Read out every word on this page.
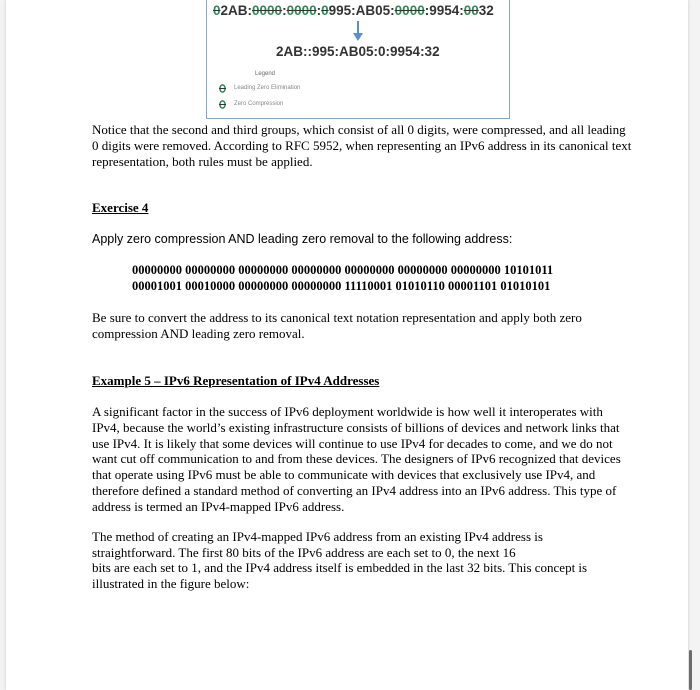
02AB:0000:0000:0995:AB05:0000:9954:0032
2AB::995:AB05:0:9954:32
Legend
Leading Zero Elimination
Zero Compression
Notice that the second and third groups, which consist of all 0 digits, were compressed, and all leading 0 digits were removed. According to RFC 5952, when representing an IPv6 address in its canonical text representation, both rules must be applied.
Exercise 4
Apply zero compression AND leading zero removal to the following address:
00000000 00000000 00000000 00000000 00000000 00000000 00000000 10101011
00001001 00010000 00000000 00000000 11110001 01010110 00001101 01010101
Be sure to convert the address to its canonical text notation representation and apply both zero compression AND leading zero removal.
Example 5 – IPv6 Representation of IPv4 Addresses
A significant factor in the success of IPv6 deployment worldwide is how well it interoperates with IPv4, because the world’s existing infrastructure consists of billions of devices and network links that use IPv4. It is likely that some devices will continue to use IPv4 for decades to come, and we do not want cut off communication to and from these devices. The designers of IPv6 recognized that devices that operate using IPv6 must be able to communicate with devices that exclusively use IPv4, and therefore defined a standard method of converting an IPv4 address into an IPv6 address. This type of address is termed an IPv4-mapped IPv6 address.
The method of creating an IPv4-mapped IPv6 address from an existing IPv4 address is
straightforward. The first 80 bits of the IPv6 address are each set to 0, the next 16
bits are each set to 1, and the IPv4 address itself is embedded in the last 32 bits. This concept is illustrated in the figure below:
